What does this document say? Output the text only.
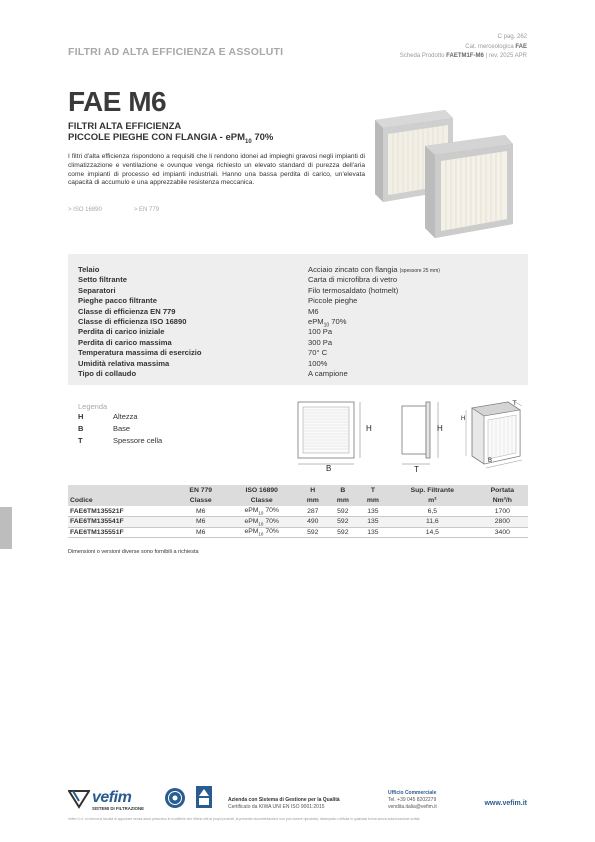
FILTRI AD ALTA EFFICIENZA E ASSOLUTI
C pag. 262
Cat. merceologica FAE
Scheda Prodotto FAETM1F-M6 | rev. 2025 APR
FAE M6
FILTRI ALTA EFFICIENZA
PICCOLE PIEGHE CON FLANGIA - ePM$_{10}$ 70%
I filtri d'alta efficienza rispondono a requisiti che li rendono idonei ad impieghi gravosi negli impianti di climatizzazione e ventilazione e ovunque venga richiesto un elevato standard di purezza dell'aria come impianti di processo ed impianti industriali. Hanno una bassa perdita di carico, un'elevata capacità di accumulo e una apprezzabile resistenza meccanica.
> ISO 16890	> EN 779
Telaio	Acciaio zincato con flangia (spessore 25 mm)
Setto filtrante	Carta di microfibra di vetro
Separatori	Filo termosaldato (hotmelt)
Pieghe pacco filtrante	Piccole pieghe
Classe di efficienza EN 779	M6
Classe di efficienza ISO 16890	ePM$_{10}$ 70%
Perdita di carico iniziale	100 Pa
Perdita di carico massima	300 Pa
Temperatura massima di esercizio	70° C
Umidità relativa massima	100%
Tipo di collaudo	A campione
Legenda
H	Altezza
B	Base
T	Spessore cella
H
B
H
T
H
T
B
	EN 779	ISO 16890	H	B	T	Sup. Filtrante	Portata
Codice	Classe	Classe	mm	mm	mm	m²	Nm³/h
FAE6TM135521F	M6	ePM$_{10}$ 70%	287	592	135	6,5	1700
FAE6TM135541F	M6	ePM$_{10}$ 70%	490	592	135	11,6	2800
FAE6TM135551F	M6	ePM$_{10}$ 70%	592	592	135	14,5	3400
Dimensioni o versioni diverse sono fornibili a richiesta
vefim
SISTEMI DI FILTRAZIONE
Azienda con Sistema di Gestione per la Qualità
Certificato da KIWA UNI EN ISO 9001:2015
Ufficio Commerciale
Tel. +39 045 8202279
vendita.italia@vefim.it	www.vefim.it
Vefim S.r.l. si riserva la facoltà di apportare senza alcun preavviso le modifiche che ritiene utili ai propri prodotti, la presente documentazione non può essere riprodotta, ristampata o diffusa in qualsiasi forma senza autorizzazione scritta.
